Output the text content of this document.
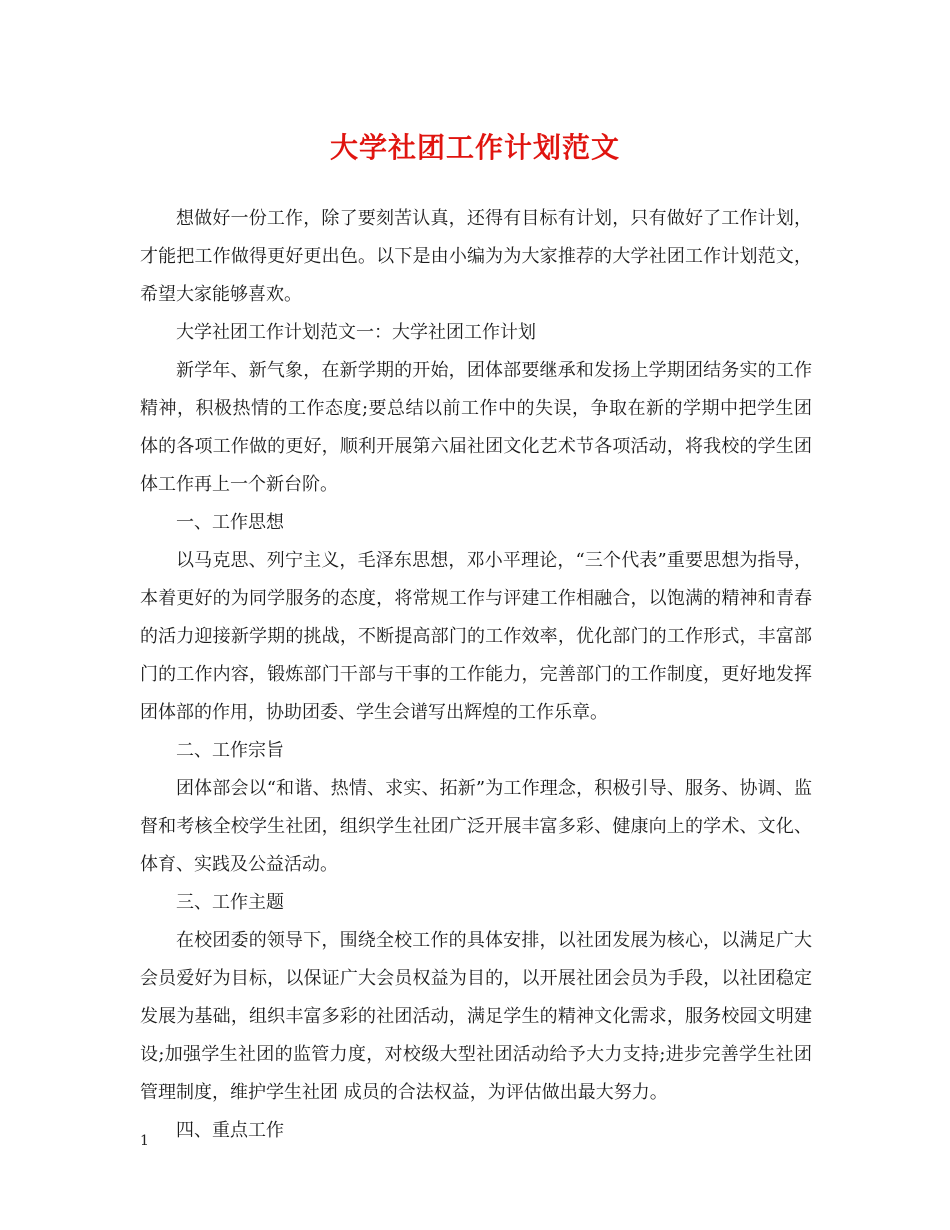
大学社团工作计划范文

想做好一份工作，除了要刻苦认真，还得有目标有计划，只有做好了工作计划，才能把工作做得更好更出色。以下是由小编为为大家推荐的大学社团工作计划范文，希望大家能够喜欢。

大学社团工作计划范文一：大学社团工作计划

新学年、新气象，在新学期的开始，团体部要继承和发扬上学期团结务实的工作精神，积极热情的工作态度;要总结以前工作中的失误，争取在新的学期中把学生团体的各项工作做的更好，顺利开展第六届社团文化艺术节各项活动，将我校的学生团体工作再上一个新台阶。

一、工作思想

以马克思、列宁主义，毛泽东思想，邓小平理论，“三个代表”重要思想为指导，本着更好的为同学服务的态度，将常规工作与评建工作相融合，以饱满的精神和青春的活力迎接新学期的挑战，不断提高部门的工作效率，优化部门的工作形式，丰富部门的工作内容，锻炼部门干部与干事的工作能力，完善部门的工作制度，更好地发挥团体部的作用，协助团委、学生会谱写出辉煌的工作乐章。

二、工作宗旨

团体部会以“和谐、热情、求实、拓新”为工作理念，积极引导、服务、协调、监督和考核全校学生社团，组织学生社团广泛开展丰富多彩、健康向上的学术、文化、体育、实践及公益活动。

三、工作主题

在校团委的领导下，围绕全校工作的具体安排，以社团发展为核心，以满足广大会员爱好为目标，以保证广大会员权益为目的，以开展社团会员为手段，以社团稳定发展为基础，组织丰富多彩的社团活动，满足学生的精神文化需求，服务校园文明建设;加强学生社团的监管力度，对校级大型社团活动给予大力支持;进步完善学生社团管理制度，维护学生社团 成员的合法权益，为评估做出最大努力。

四、重点工作

1
